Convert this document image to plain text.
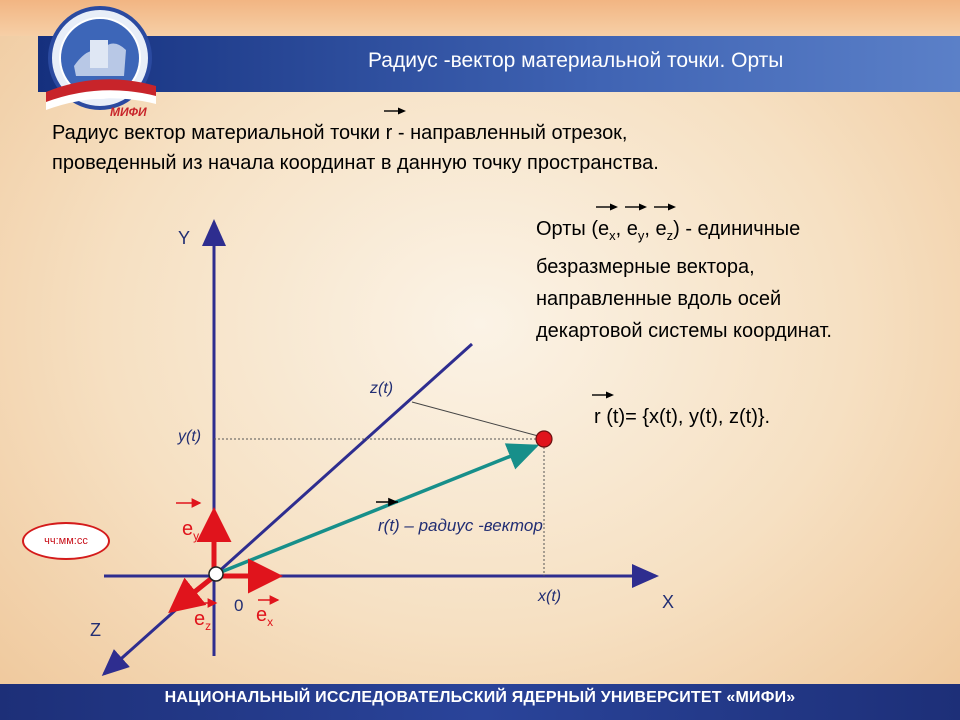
МИФИ
Радиус -вектор материальной точки. Орты
Радиус вектор материальной точки
r - направленный отрезок,
проведенный из начала координат в данную точку пространства.
Орты (
$e_x$,
$e_y$,
$e_z$) - единичные
безразмерные вектора,
направленные вдоль осей
декартовой системы координат.
r (t)= {x(t), y(t), z(t)}.
Y
X
Z
0
z(t)
y(t)
x(t)
r(t) – радиус -вектор
$e_y$
$e_z$ $e_x$
чч:мм:сс
НАЦИОНАЛЬНЫЙ ИССЛЕДОВАТЕЛЬСКИЙ ЯДЕРНЫЙ УНИВЕРСИТЕТ «МИФИ»
